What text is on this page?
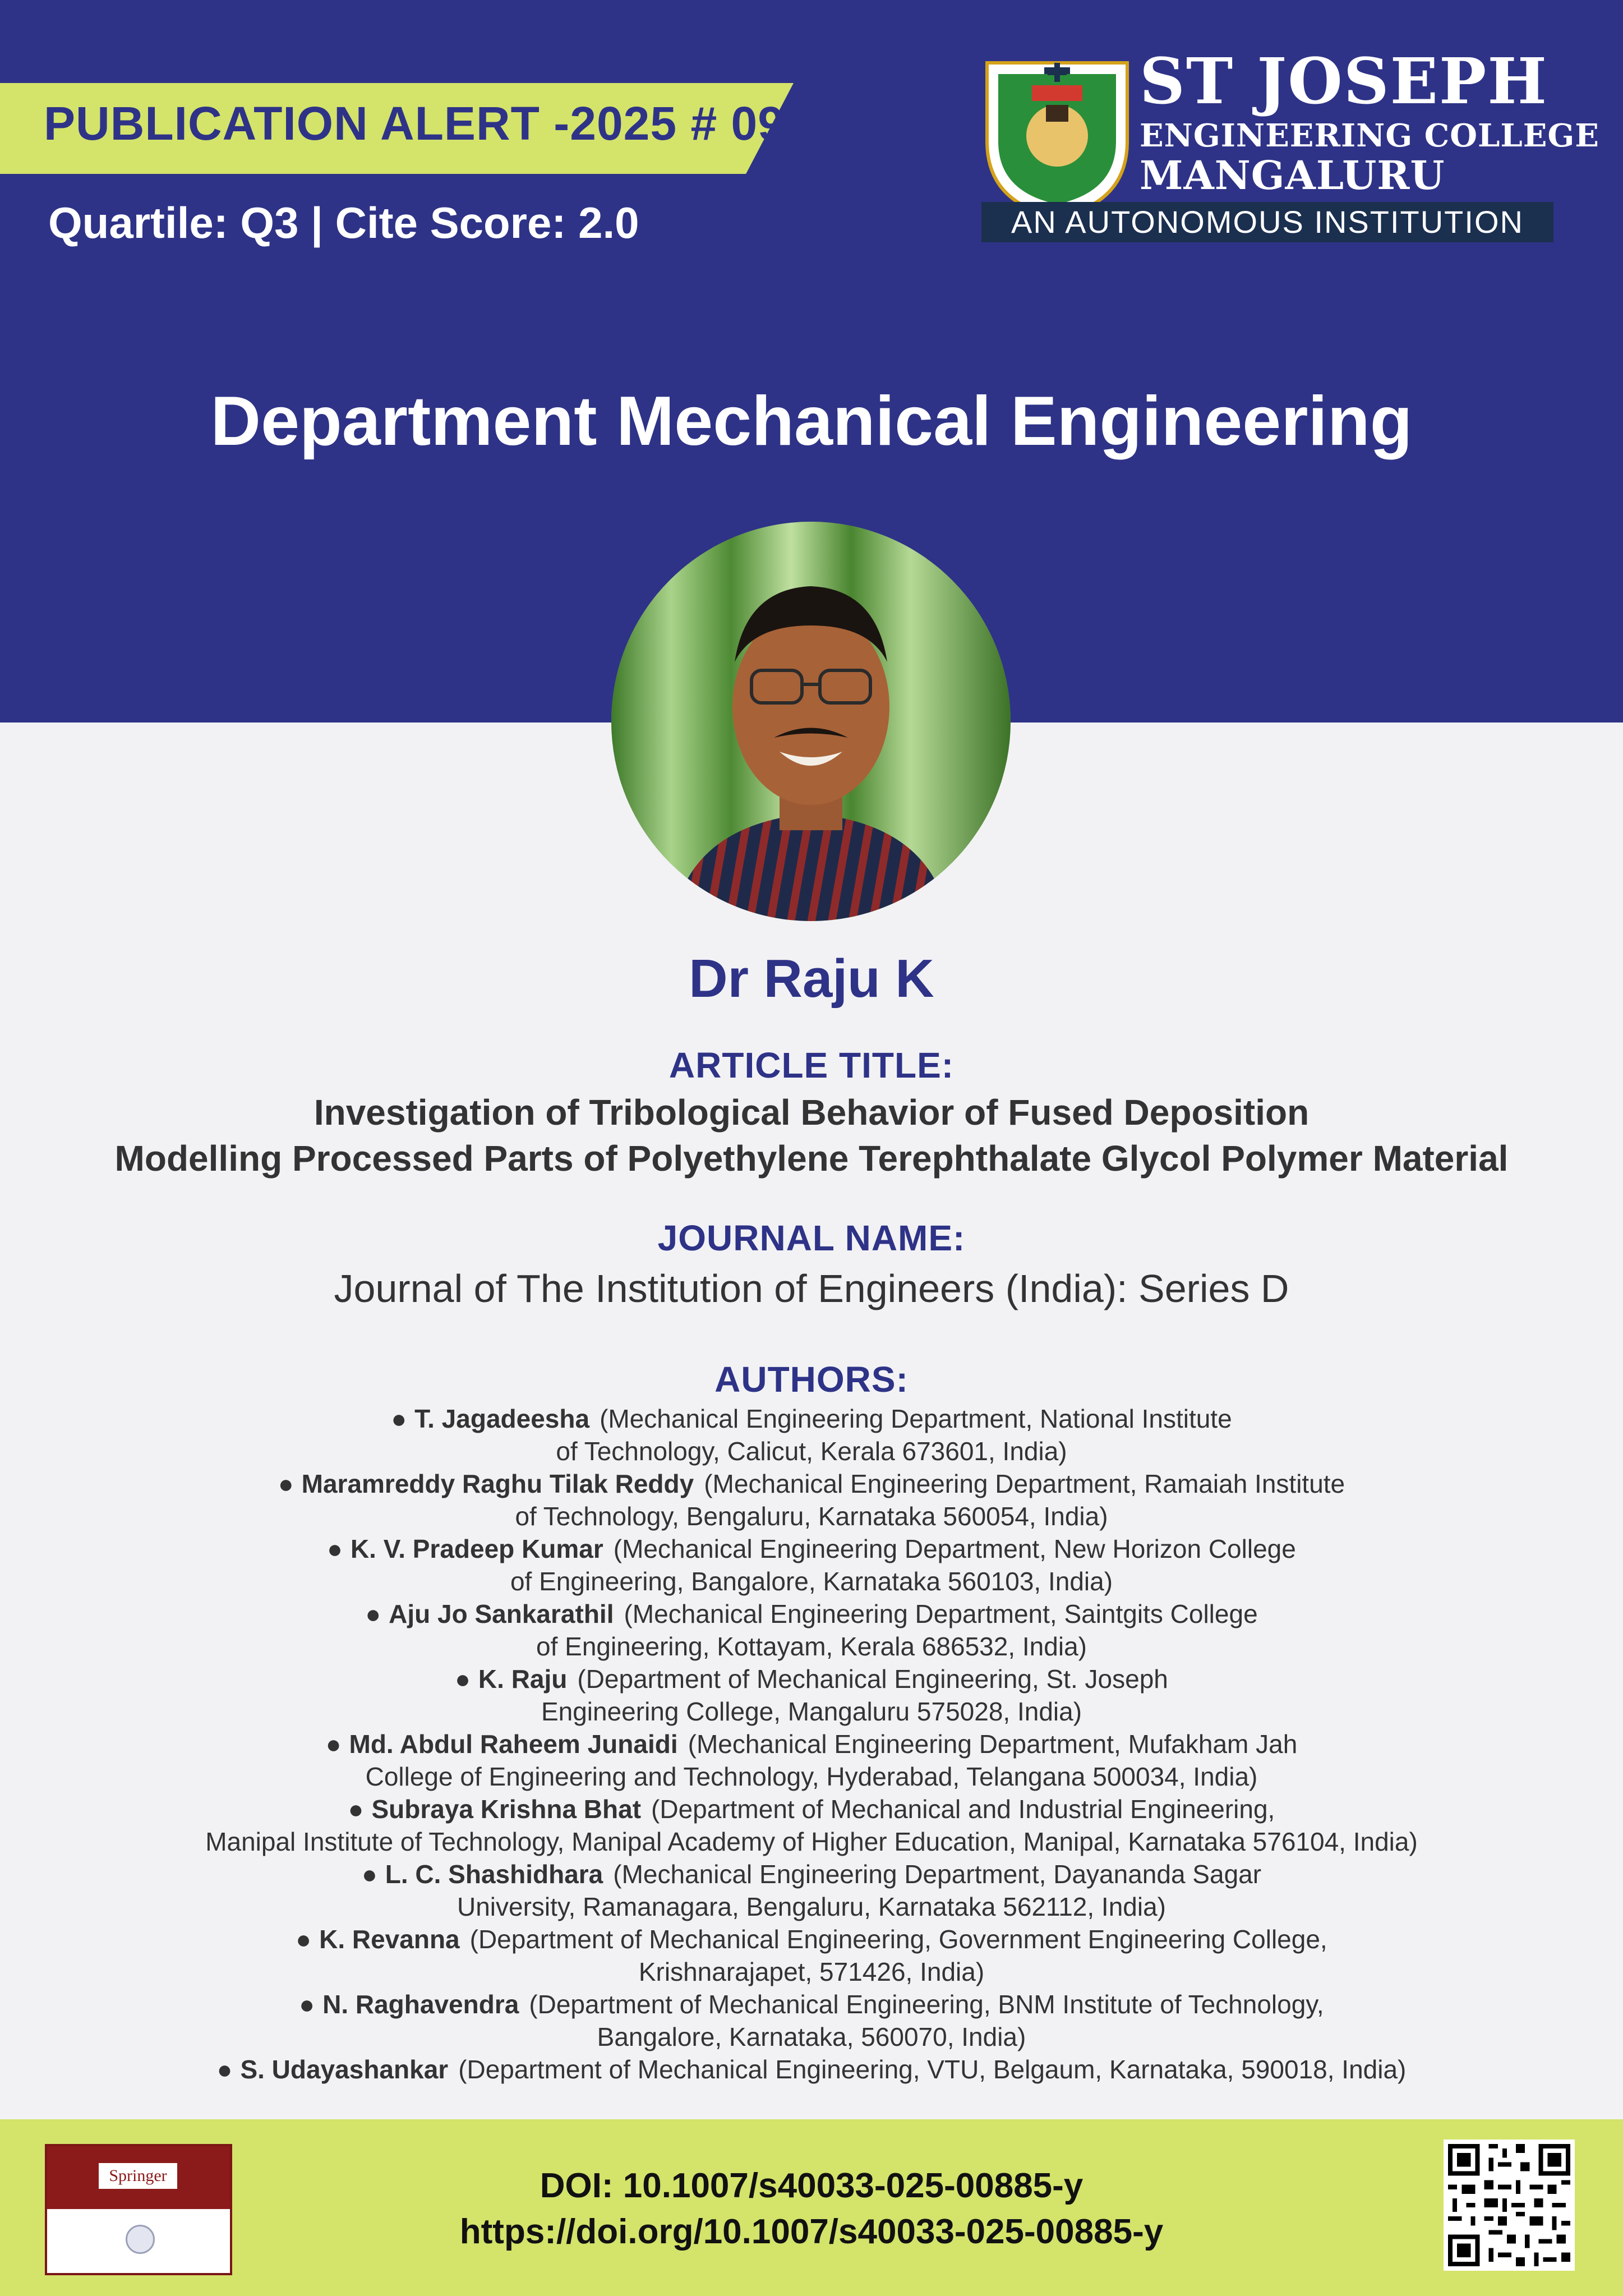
PUBLICATION ALERT -2025 # 09
Quartile: Q3 | Cite Score: 2.0
ST JOSEPH
ENGINEERING COLLEGE
MANGALURU
AN AUTONOMOUS INSTITUTION
Department Mechanical Engineering
Dr Raju K
ARTICLE TITLE:
Investigation of Tribological Behavior of Fused Deposition
Modelling Processed Parts of Polyethylene Terephthalate Glycol Polymer Material
JOURNAL NAME:
Journal of The Institution of Engineers (India): Series D
AUTHORS:
● T. Jagadeesha (Mechanical Engineering Department, National Institute
of Technology, Calicut, Kerala 673601, India)
● Maramreddy Raghu Tilak Reddy (Mechanical Engineering Department, Ramaiah Institute
of Technology, Bengaluru, Karnataka 560054, India)
● K. V. Pradeep Kumar (Mechanical Engineering Department, New Horizon College
of Engineering, Bangalore, Karnataka 560103, India)
● Aju Jo Sankarathil (Mechanical Engineering Department, Saintgits College
of Engineering, Kottayam, Kerala 686532, India)
● K. Raju (Department of Mechanical Engineering, St. Joseph
Engineering College, Mangaluru 575028, India)
● Md. Abdul Raheem Junaidi (Mechanical Engineering Department, Mufakham Jah
College of Engineering and Technology, Hyderabad, Telangana 500034, India)
● Subraya Krishna Bhat (Department of Mechanical and Industrial Engineering,
Manipal Institute of Technology, Manipal Academy of Higher Education, Manipal, Karnataka 576104, India)
● L. C. Shashidhara (Mechanical Engineering Department, Dayananda Sagar
University, Ramanagara, Bengaluru, Karnataka 562112, India)
● K. Revanna (Department of Mechanical Engineering, Government Engineering College,
Krishnarajapet, 571426, India)
● N. Raghavendra (Department of Mechanical Engineering, BNM Institute of Technology,
Bangalore, Karnataka, 560070, India)
● S. Udayashankar (Department of Mechanical Engineering, VTU, Belgaum, Karnataka, 590018, India)
Springer	DOI: 10.1007/s40033-025-00885-y
https://doi.org/10.1007/s40033-025-00885-y
